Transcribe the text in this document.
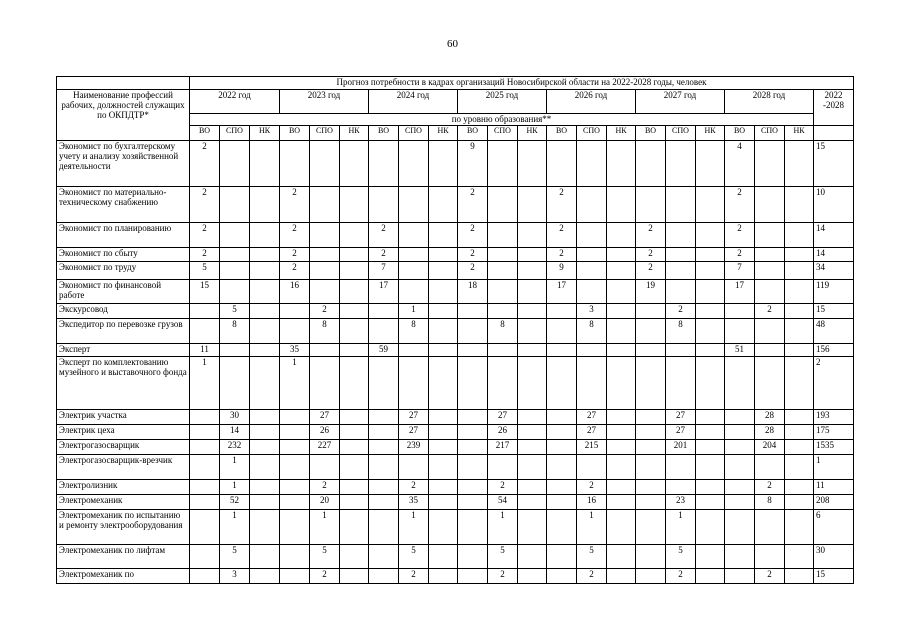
60
	Прогноз потребности в кадрах организаций Новосибирской области на 2022-2028 годы, человек																					
Наименование профессий рабочих, должностей служащих по ОКПДТР*	2022 год			2023 год			2024 год			2025 год			2026 год			2027 год			2028 год			2022 -2028
	по уровню образования**																					
	ВО	СПО	НК	ВО	СПО	НК	ВО	СПО	НК	ВО	СПО	НК	ВО	СПО	НК	ВО	СПО	НК	ВО	СПО	НК	
Экономист по бухгалтерскому учету и анализу хозяйственной деятельности	2									9									4			15
Экономист по материально-техническому снабжению	2			2						2			2						2			10
Экономист по планированию	2			2			2			2			2			2			2			14
Экономист по сбыту	2			2			2			2			2			2			2			14
Экономист по труду	5			2			7			2			9			2			7			34
Экономист по финансовой работе	15			16			17			18			17			19			17			119
Экскурсовод		5			2			1						3			2			2		15
Экспедитор по перевозке грузов		8			8			8			8			8			8					48
Эксперт	11			35			59												51			156
Эксперт по комплектованию музейного и выставочного фонда	1			1																		2
Электрик участка		30			27			27			27			27			27			28		193
Электрик цеха		14			26			27			26			27			27			28		175
Электрогазосварщик		232			227			239			217			215			201			204		1535
Электрогазосварщик-врезчик		1																				1
Электролизник		1			2			2			2			2						2		11
Электромеханик		52			20			35			54			16			23			8		208
Электромеханик по испытанию и ремонту электрооборудования		1			1			1			1			1			1					6
Электромеханик по лифтам		5			5			5			5			5			5					30
Электромеханик по		3			2			2			2			2			2			2		15
